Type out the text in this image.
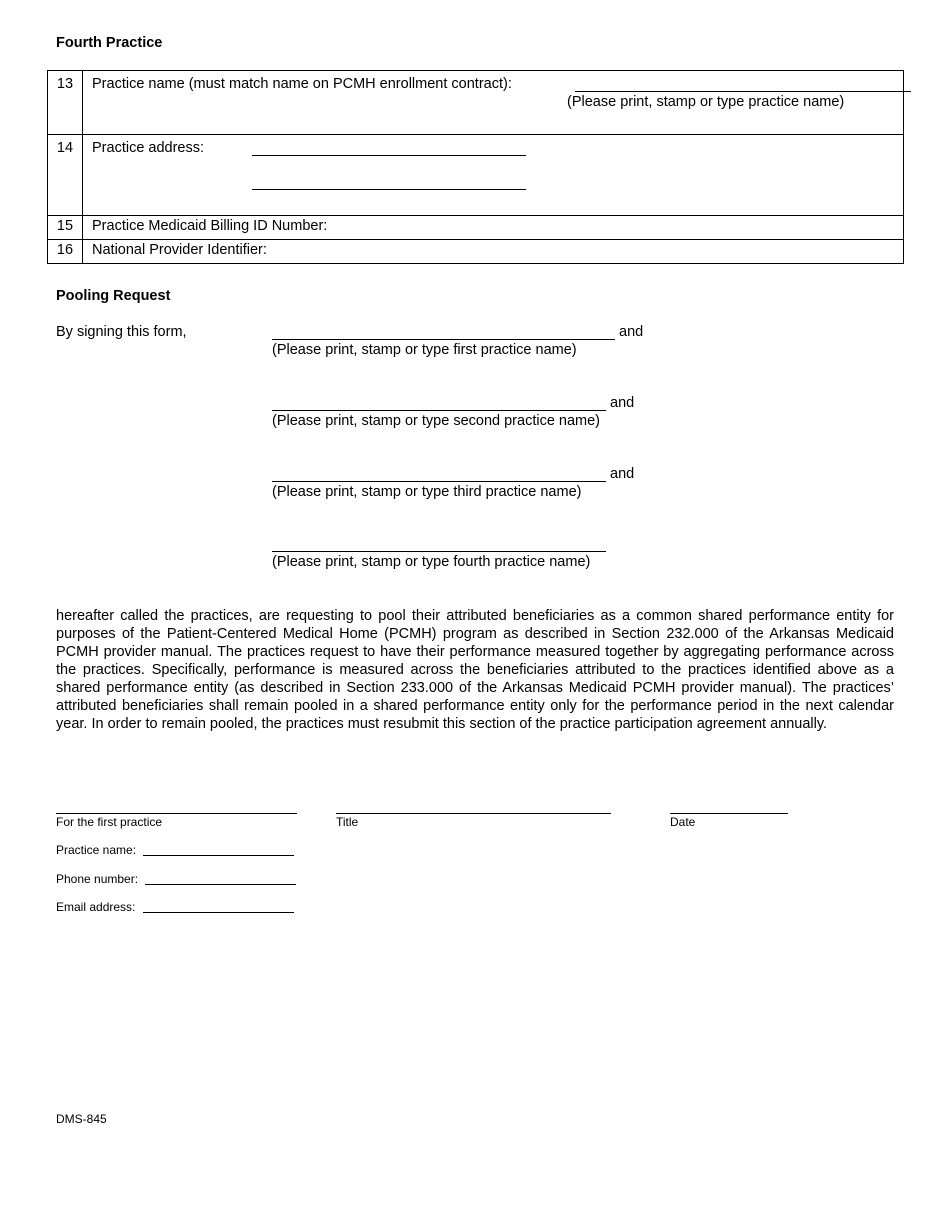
Fourth Practice
13	Practice name (must match name on PCMH enrollment contract):
(Please print, stamp or type practice name)

14	Practice address:

15	Practice Medicaid Billing ID Number:
16	National Provider Identifier:
Pooling Request
By signing this form,	and
(Please print, stamp or type first practice name)
and
(Please print, stamp or type second practice name)
and
(Please print, stamp or type third practice name)
(Please print, stamp or type fourth practice name)
hereafter called the practices, are requesting to pool their attributed beneficiaries as a common shared performance entity for purposes of the Patient-Centered Medical Home (PCMH) program as described in Section 232.000 of the Arkansas Medicaid PCMH provider manual. The practices request to have their performance measured together by aggregating performance across the practices. Specifically, performance is measured across the beneficiaries attributed to the practices identified above as a shared performance entity (as described in Section 233.000 of the Arkansas Medicaid PCMH provider manual). The practices’ attributed beneficiaries shall remain pooled in a shared performance entity only for the performance period in the next calendar year. In order to remain pooled, the practices must resubmit this section of the practice participation agreement annually.
For the first practice	Title	Date
Practice name:
Phone number:
Email address:
DMS-845
